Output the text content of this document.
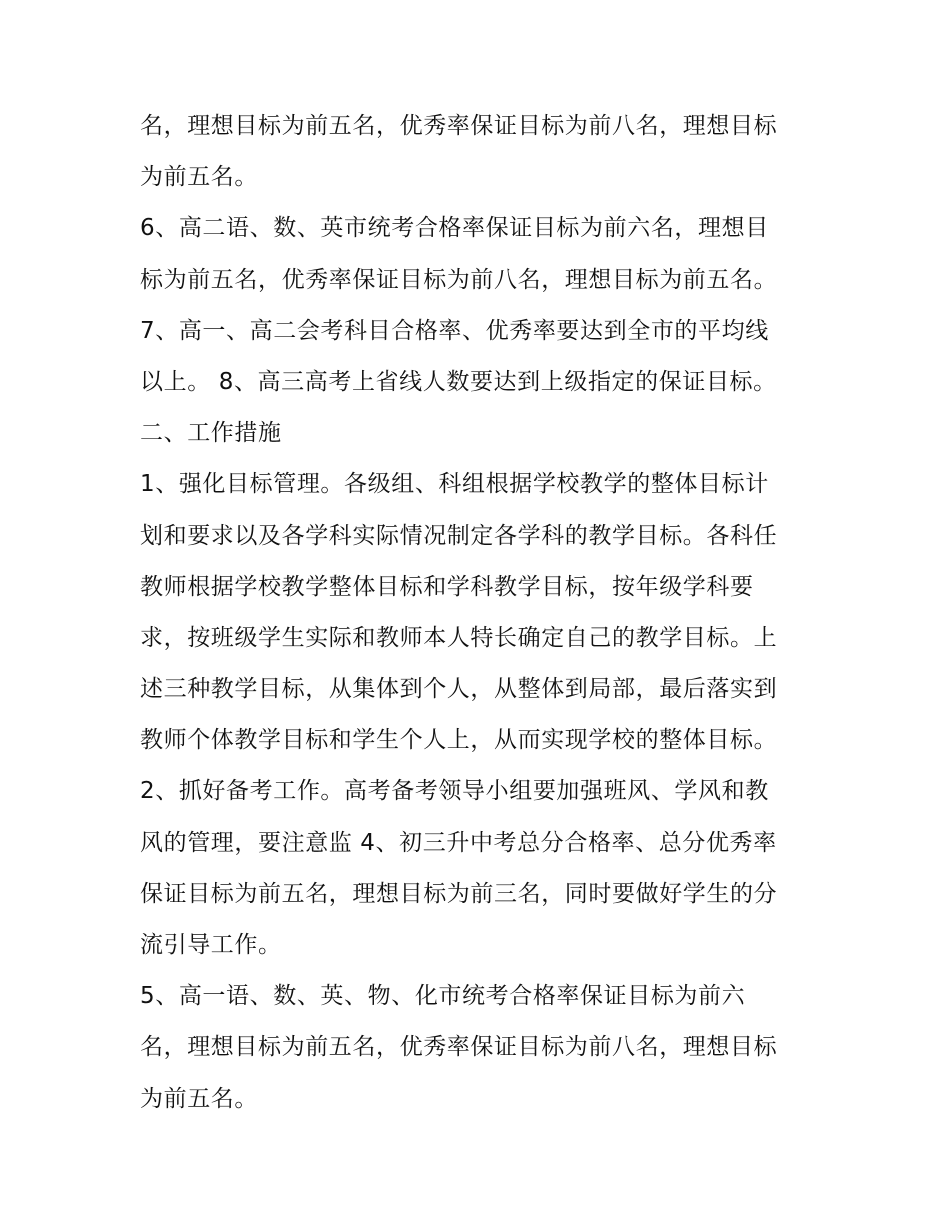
名，理想目标为前五名，优秀率保证目标为前八名，理想目标
为前五名。
6、高二语、数、英市统考合格率保证目标为前六名，理想目
标为前五名，优秀率保证目标为前八名，理想目标为前五名。
7、高一、高二会考科目合格率、优秀率要达到全市的平均线
以上。 8、高三高考上省线人数要达到上级指定的保证目标。
二、工作措施
1、强化目标管理。各级组、科组根据学校教学的整体目标计
划和要求以及各学科实际情况制定各学科的教学目标。各科任
教师根据学校教学整体目标和学科教学目标，按年级学科要
求，按班级学生实际和教师本人特长确定自己的教学目标。上
述三种教学目标，从集体到个人，从整体到局部，最后落实到
教师个体教学目标和学生个人上，从而实现学校的整体目标。
2、抓好备考工作。高考备考领导小组要加强班风、学风和教
风的管理，要注意监 4、初三升中考总分合格率、总分优秀率
保证目标为前五名，理想目标为前三名，同时要做好学生的分
流引导工作。
5、高一语、数、英、物、化市统考合格率保证目标为前六
名，理想目标为前五名，优秀率保证目标为前八名，理想目标
为前五名。
